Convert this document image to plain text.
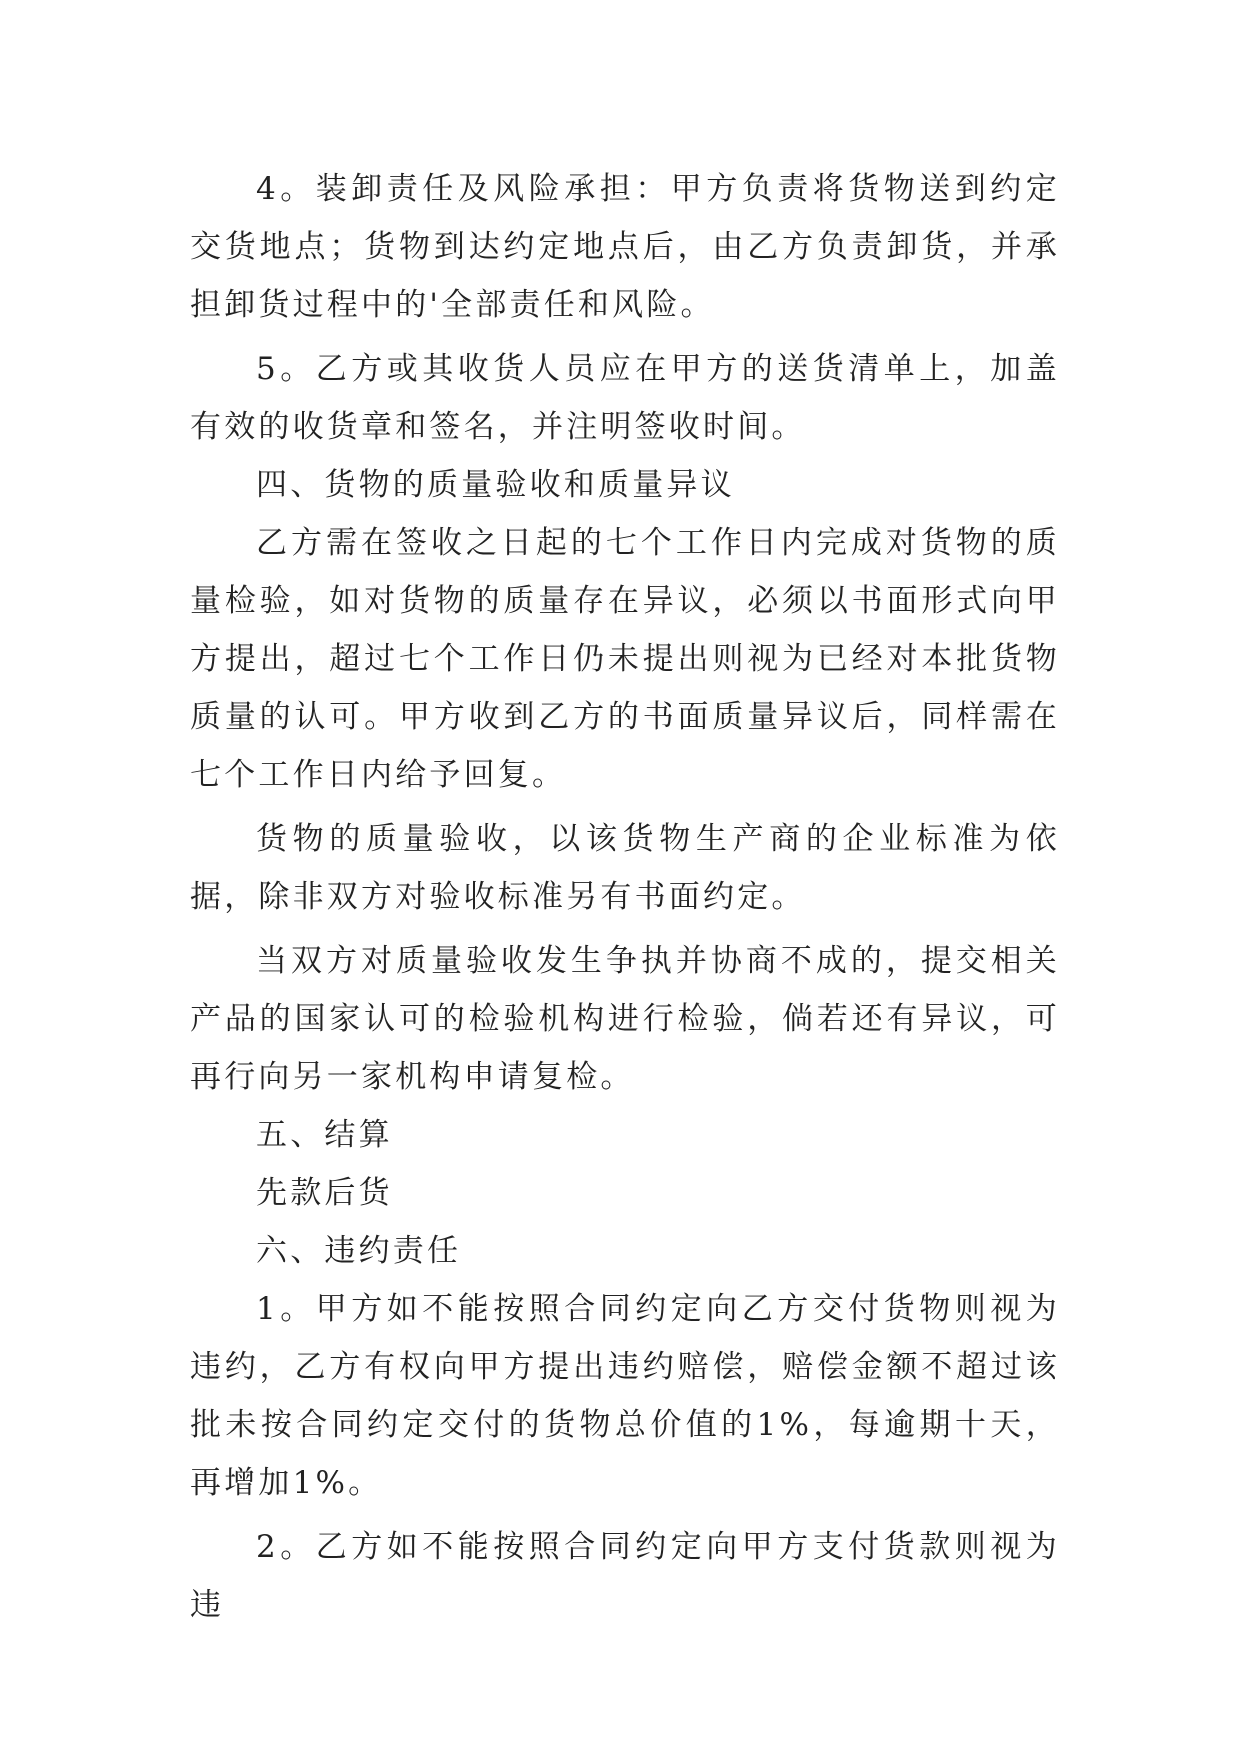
4。装卸责任及风险承担：甲方负责将货物送到约定交货地点；货物到达约定地点后，由乙方负责卸货，并承担卸货过程中的'全部责任和风险。

5。乙方或其收货人员应在甲方的送货清单上，加盖有效的收货章和签名，并注明签收时间。

四、货物的质量验收和质量异议

乙方需在签收之日起的七个工作日内完成对货物的质量检验，如对货物的质量存在异议，必须以书面形式向甲方提出，超过七个工作日仍未提出则视为已经对本批货物质量的认可。甲方收到乙方的书面质量异议后，同样需在七个工作日内给予回复。

货物的质量验收，以该货物生产商的企业标准为依据，除非双方对验收标准另有书面约定。

当双方对质量验收发生争执并协商不成的，提交相关产品的国家认可的检验机构进行检验，倘若还有异议，可再行向另一家机构申请复检。

五、结算

先款后货

六、违约责任

1。甲方如不能按照合同约定向乙方交付货物则视为违约，乙方有权向甲方提出违约赔偿，赔偿金额不超过该批未按合同约定交付的货物总价值的1%，每逾期十天，再增加1%。

2。乙方如不能按照合同约定向甲方支付货款则视为违
